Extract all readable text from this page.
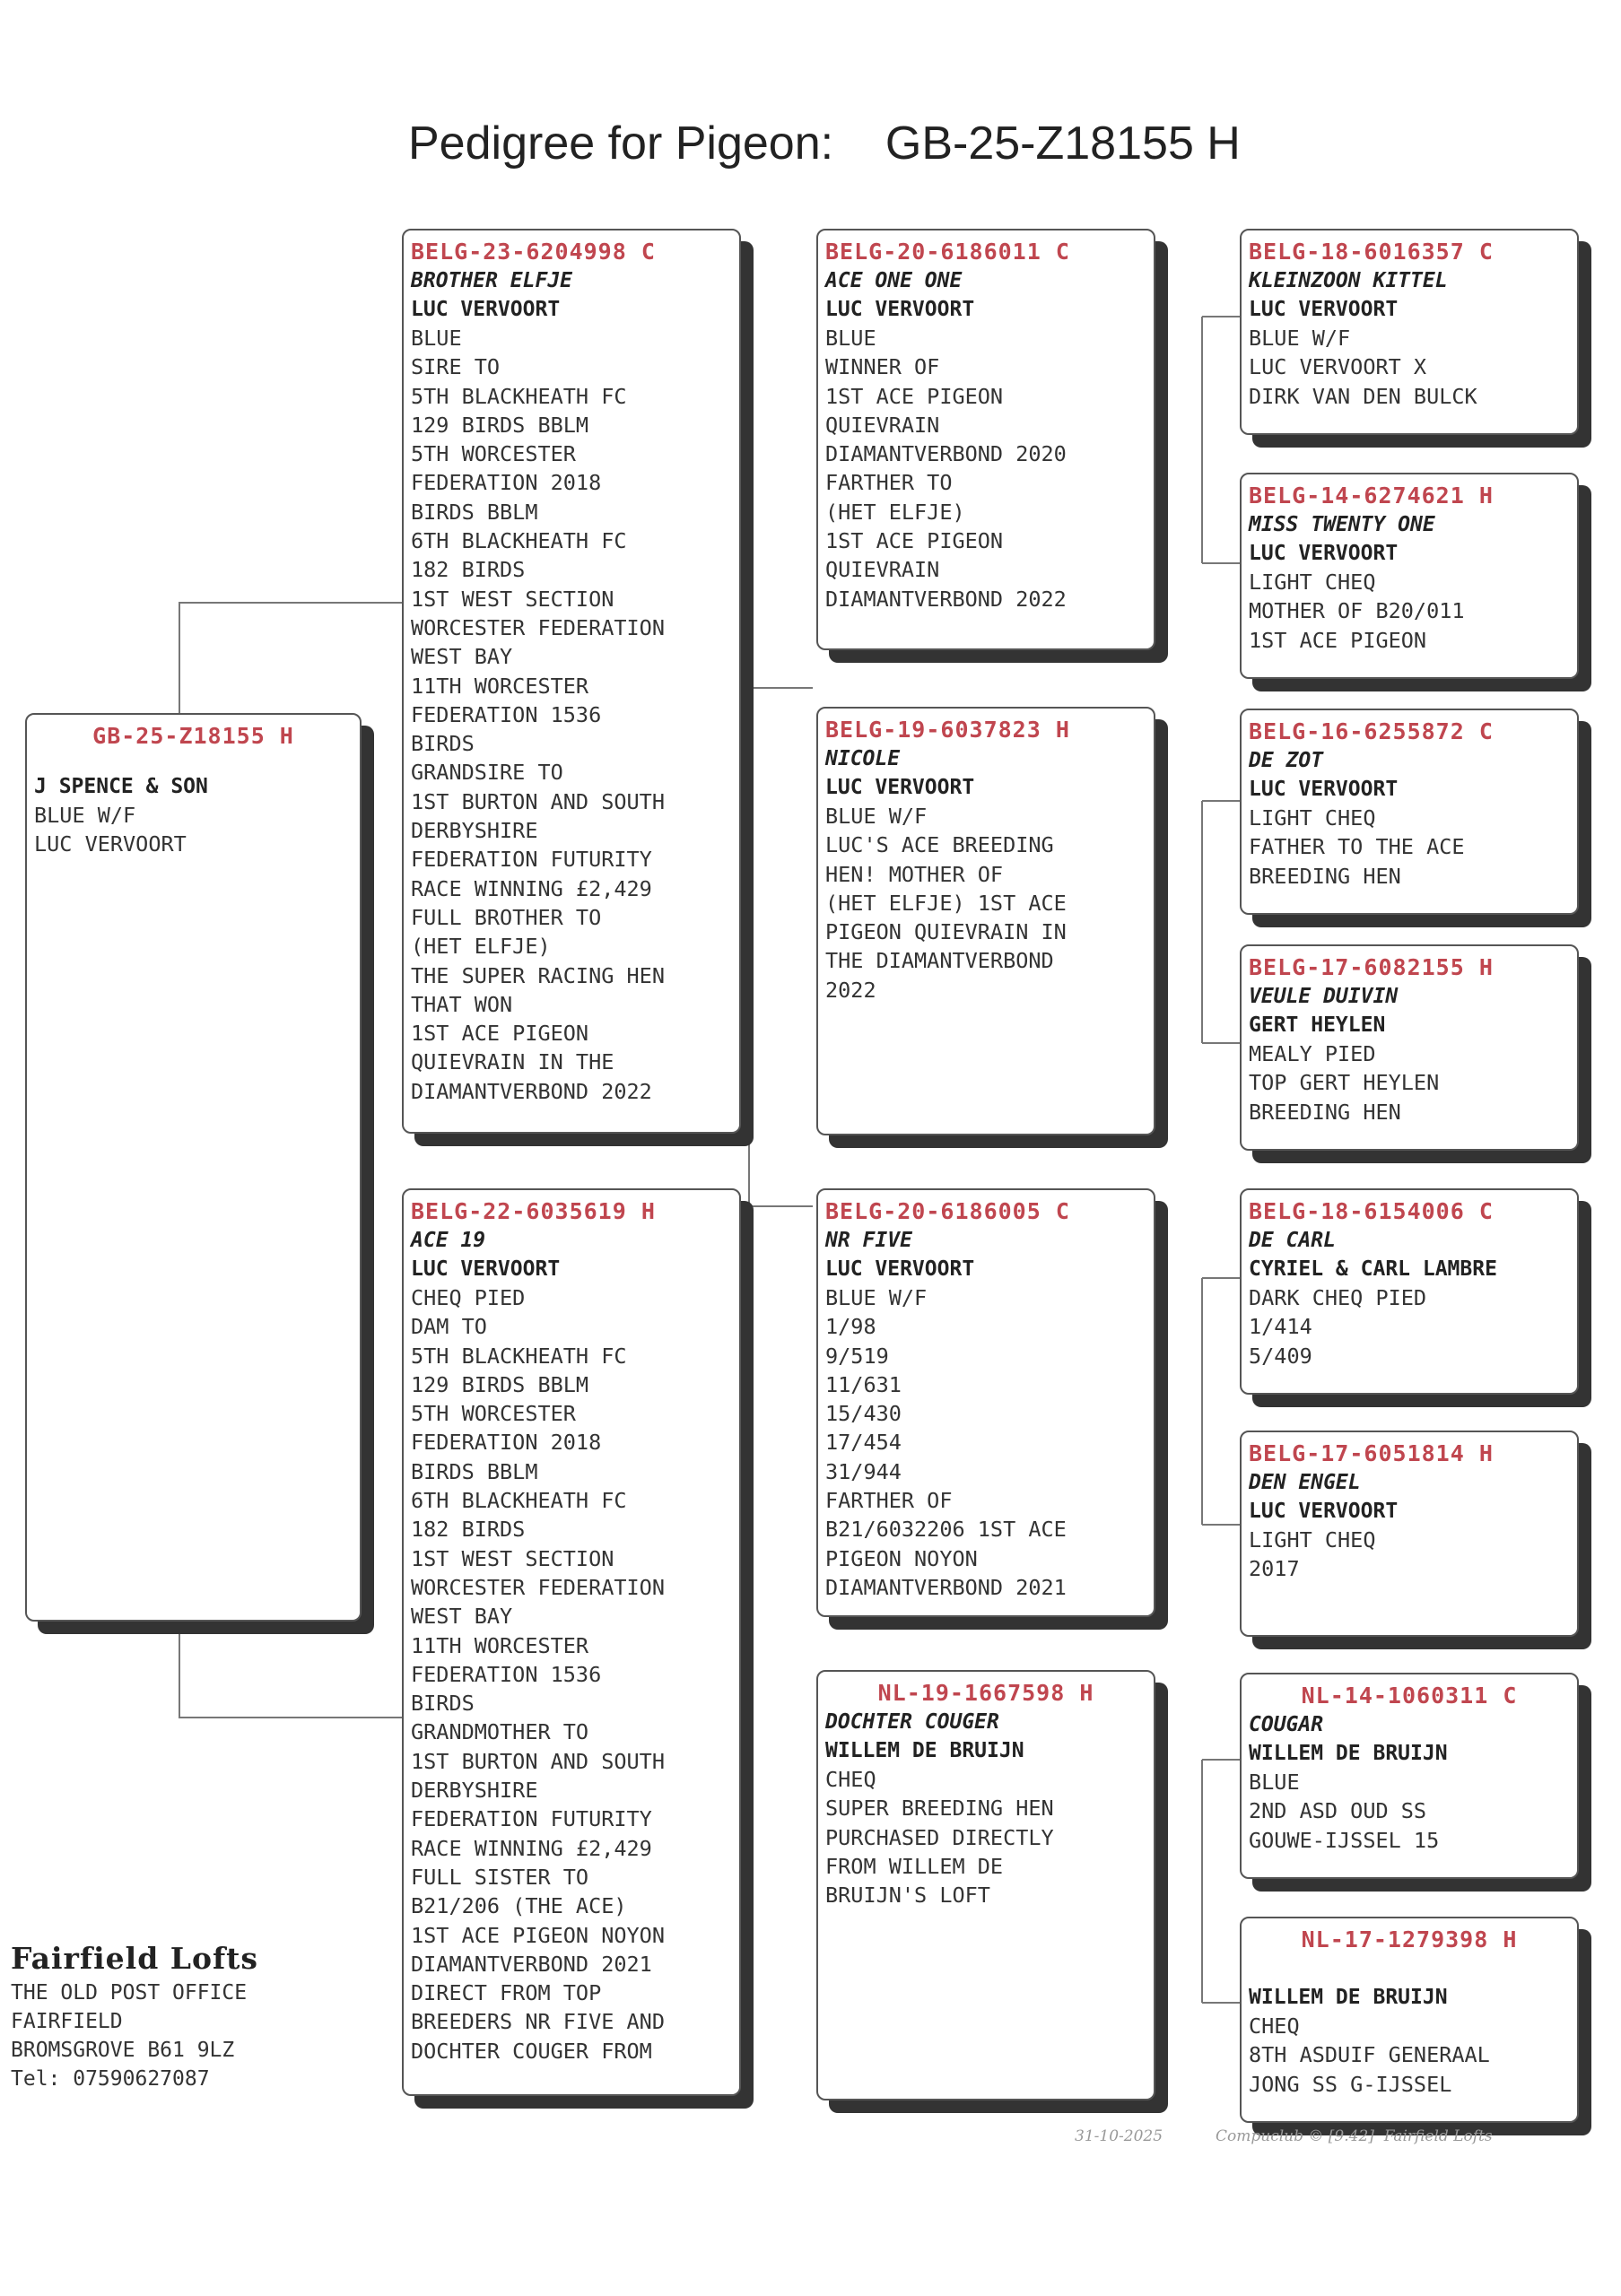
Pedigree for Pigeon: GB-25-Z18155 H
GB-25-Z18155 H
J SPENCE & SON
BLUE W/F
LUC VERVOORT
BELG-23-6204998 C
BROTHER ELFJE
LUC VERVOORT
BLUE
SIRE TO
5TH BLACKHEATH FC
129 BIRDS BBLM
5TH WORCESTER
FEDERATION 2018
BIRDS BBLM
6TH BLACKHEATH FC
182 BIRDS
1ST WEST SECTION
WORCESTER FEDERATION
WEST BAY
11TH WORCESTER
FEDERATION 1536
BIRDS
GRANDSIRE TO
1ST BURTON AND SOUTH
DERBYSHIRE
FEDERATION FUTURITY
RACE WINNING £2,429
FULL BROTHER TO
(HET ELFJE)
THE SUPER RACING HEN
THAT WON
1ST ACE PIGEON
QUIEVRAIN IN THE
DIAMANTVERBOND 2022
BELG-22-6035619 H
ACE 19
LUC VERVOORT
CHEQ PIED
DAM TO
5TH BLACKHEATH FC
129 BIRDS BBLM
5TH WORCESTER
FEDERATION 2018
BIRDS BBLM
6TH BLACKHEATH FC
182 BIRDS
1ST WEST SECTION
WORCESTER FEDERATION
WEST BAY
11TH WORCESTER
FEDERATION 1536
BIRDS
GRANDMOTHER TO
1ST BURTON AND SOUTH
DERBYSHIRE
FEDERATION FUTURITY
RACE WINNING £2,429
FULL SISTER TO
B21/206 (THE ACE)
1ST ACE PIGEON NOYON
DIAMANTVERBOND 2021
DIRECT FROM TOP
BREEDERS NR FIVE AND
DOCHTER COUGER FROM
BELG-20-6186011 C
ACE ONE ONE
LUC VERVOORT
BLUE
WINNER OF
1ST ACE PIGEON
QUIEVRAIN
DIAMANTVERBOND 2020
FARTHER TO
(HET ELFJE)
1ST ACE PIGEON
QUIEVRAIN
DIAMANTVERBOND 2022
BELG-19-6037823 H
NICOLE
LUC VERVOORT
BLUE W/F
LUC'S ACE BREEDING
HEN! MOTHER OF
(HET ELFJE) 1ST ACE
PIGEON QUIEVRAIN IN
THE DIAMANTVERBOND
2022
BELG-20-6186005 C
NR FIVE
LUC VERVOORT
BLUE W/F
1/98
9/519
11/631
15/430
17/454
31/944
FARTHER OF
B21/6032206 1ST ACE
PIGEON NOYON
DIAMANTVERBOND 2021
NL-19-1667598 H
DOCHTER COUGER
WILLEM DE BRUIJN
CHEQ
SUPER BREEDING HEN
PURCHASED DIRECTLY
FROM WILLEM DE
BRUIJN'S LOFT
BELG-18-6016357 C
KLEINZOON KITTEL
LUC VERVOORT
BLUE W/F
LUC VERVOORT X
DIRK VAN DEN BULCK
BELG-14-6274621 H
MISS TWENTY ONE
LUC VERVOORT
LIGHT CHEQ
MOTHER OF B20/011
1ST ACE PIGEON
BELG-16-6255872 C
DE ZOT
LUC VERVOORT
LIGHT CHEQ
FATHER TO THE ACE
BREEDING HEN
BELG-17-6082155 H
VEULE DUIVIN
GERT HEYLEN
MEALY PIED
TOP GERT HEYLEN
BREEDING HEN
BELG-18-6154006 C
DE CARL
CYRIEL & CARL LAMBRE
DARK CHEQ PIED
1/414
5/409
BELG-17-6051814 H
DEN ENGEL
LUC VERVOORT
LIGHT CHEQ
2017
NL-14-1060311 C
COUGAR
WILLEM DE BRUIJN
BLUE
2ND ASD OUD SS
GOUWE-IJSSEL 15
NL-17-1279398 H
WILLEM DE BRUIJN
CHEQ
8TH ASDUIF GENERAAL
JONG SS G-IJSSEL
Fairfield Lofts
THE OLD POST OFFICE
FAIRFIELD
BROMSGROVE B61 9LZ
Tel: 07590627087
31-10-2025	Compuclub © [9.42]  Fairfield Lofts
